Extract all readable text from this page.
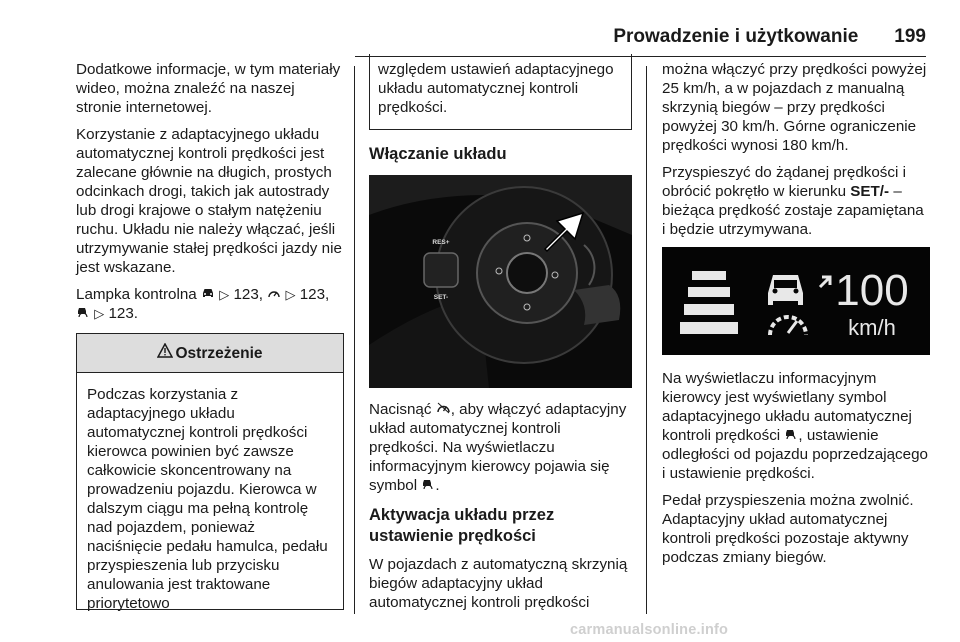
Prowadzenie i użytkowanie 199

Dodatkowe informacje, w tym materiały wideo, można znaleźć na naszej stronie internetowej.

Korzystanie z adaptacyjnego układu automatycznej kontroli prędkości jest zalecane głównie na długich, prostych odcinkach drogi, takich jak autostrady lub drogi krajowe o stałym natężeniu ruchu. Układu nie należy włączać, jeśli utrzymywanie stałej prędkości jazdy nie jest wskazane.

Lampka kontrolna ▷ 123, ▷ 123,  ▷ 123.

Ostrzeżenie
Podczas korzystania z adaptacyjnego układu automatycznej kontroli prędkości kierowca powinien być zawsze całkowicie skoncentrowany na prowadzeniu pojazdu. Kierowca w dalszym ciągu ma pełną kontrolę nad pojazdem, ponieważ naciśnięcie pedału hamulca, pedału przyspieszenia lub przycisku anulowania jest traktowane priorytetowo
względem ustawień adaptacyjnego układu automatycznej kontroli prędkości.
Włączanie układu
RES+
SET-

Nacisnąć , aby włączyć adaptacyjny układ automatycznej kontroli prędkości. Na wyświetlaczu informacyjnym kierowcy pojawia się symbol .

Aktywacja układu przez ustawienie prędkości

W pojazdach z automatyczną skrzynią biegów adaptacyjny układ automatycznej kontroli prędkości

można włączyć przy prędkości powyżej 25 km/h, a w pojazdach z manualną skrzynią biegów – przy prędkości powyżej 30 km/h. Górne ograniczenie prędkości wynosi 180 km/h.

Przyspieszyć do żądanej prędkości i obrócić pokrętło w kierunku SET/- – bieżąca prędkość zostaje zapamiętana i będzie utrzymywana.

100
km/h

Na wyświetlaczu informacyjnym kierowcy jest wyświetlany symbol adaptacyjnego układu automatycznej kontroli prędkości , ustawienie odległości od pojazdu poprzedzającego i ustawienie prędkości.

Pedał przyspieszenia można zwolnić. Adaptacyjny układ automatycznej kontroli prędkości pozostaje aktywny podczas zmiany biegów.

carmanualsonline.info
